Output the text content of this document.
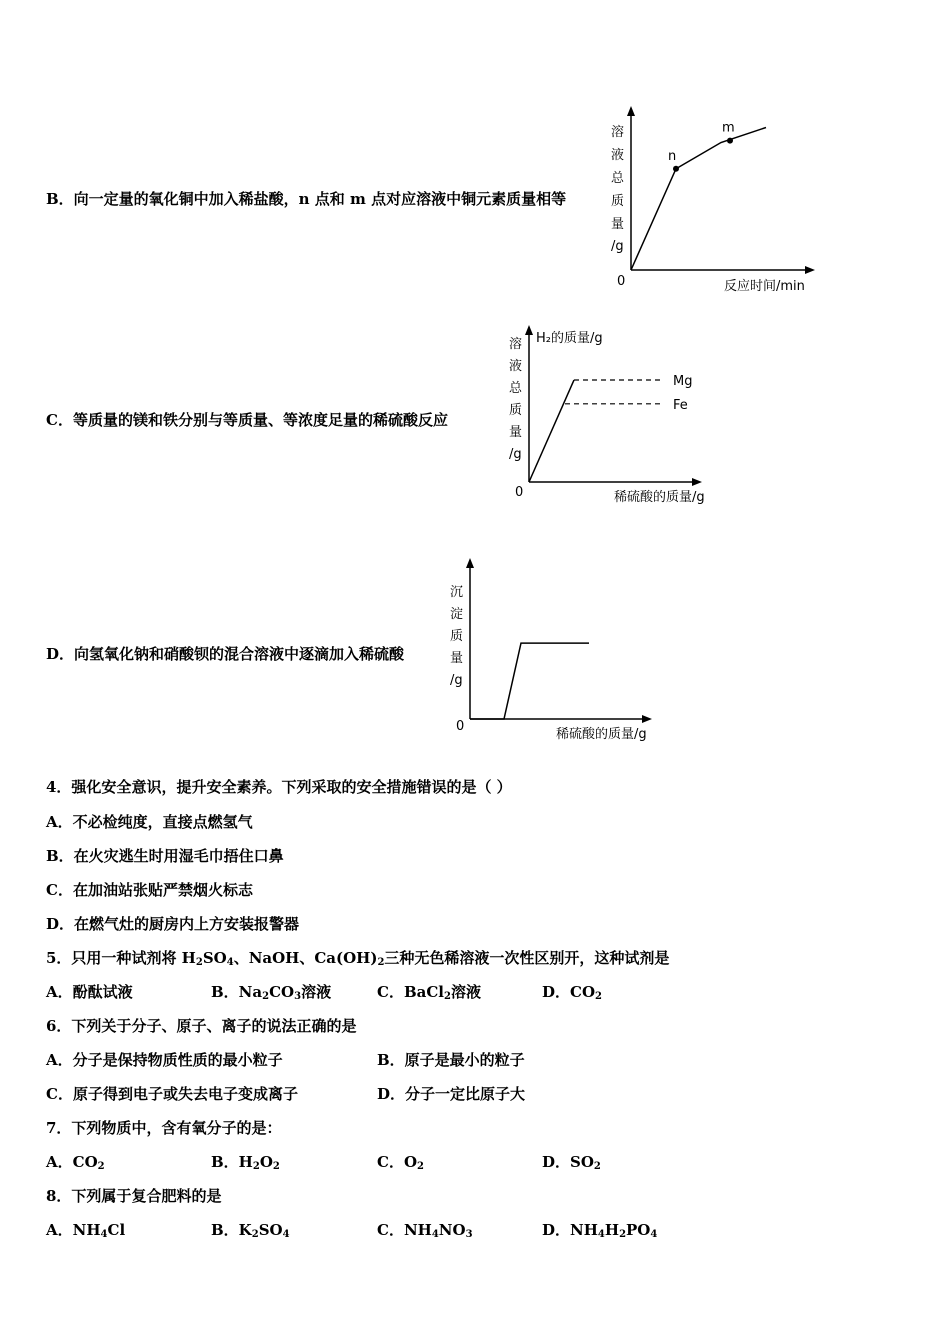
B．向一定量的氧化铜中加入稀盐酸，n 点和 m 点对应溶液中铜元素质量相等
溶
液
总
质
量
/g
0	反应时间/min
n
m
C．等质量的镁和铁分别与等质量、等浓度足量的稀硫酸反应
H₂的质量/g
溶
液
总
质
量
/g
0	稀硫酸的质量/g
Mg
Fe
D．向氢氧化钠和硝酸钡的混合溶液中逐滴加入稀硫酸
沉
淀
质
量
/g
0
稀硫酸的质量/g
4．强化安全意识，提升安全素养。下列采取的安全措施错误的是（ ）
A．不必检纯度，直接点燃氢气
B．在火灾逃生时用湿毛巾捂住口鼻
C．在加油站张贴严禁烟火标志
D．在燃气灶的厨房内上方安装报警器
5．只用一种试剂将 $H_2SO_4$、NaOH、$Ca(OH)_2$三种无色稀溶液一次性区别开，这种试剂是
A．酚酞试液	B．$Na_2CO_3$溶液	C．BaCl$_2$溶液	D．$CO_2$
6．下列关于分子、原子、离子的说法正确的是
A．分子是保持物质性质的最小粒子	B．原子是最小的粒子
C．原子得到电子或失去电子变成离子	D．分子一定比原子大
7．下列物质中，含有氧分子的是：
A．$CO_2$	B．$H_2O_2$	C．$O_2$	D．$SO_2$
8．下列属于复合肥料的是
A．$NH_4Cl$	B．$K_2SO_4$	C．$NH_4NO_3$	D．$NH_4H_2PO_4$
